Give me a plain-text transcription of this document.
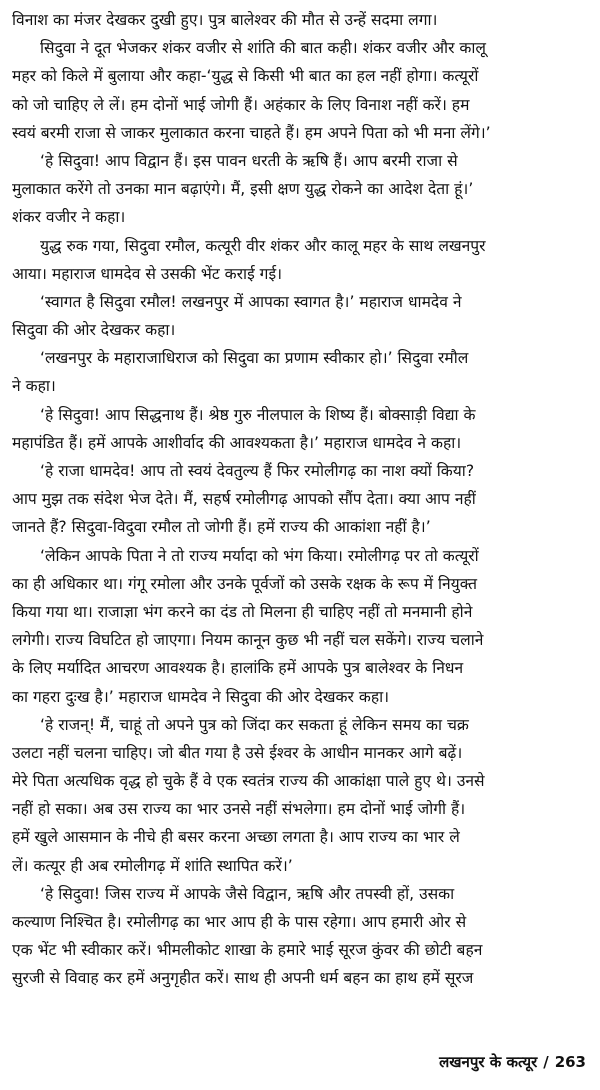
विनाश का मंजर देखकर दुखी हुए। पुत्र बालेश्वर की मौत से उन्हें सदमा लगा।
सिदुवा ने दूत भेजकर शंकर वजीर से शांति की बात कही। शंकर वजीर और कालू
महर को किले में बुलाया और कहा-‘युद्ध से किसी भी बात का हल नहीं होगा। कत्यूरों
को जो चाहिए ले लें। हम दोनों भाई जोगी हैं। अहंकार के लिए विनाश नहीं करें। हम
स्वयं बरमी राजा से जाकर मुलाकात करना चाहते हैं। हम अपने पिता को भी मना लेंगे।’
‘हे सिदुवा! आप विद्वान हैं। इस पावन धरती के ऋषि हैं। आप बरमी राजा से
मुलाकात करेंगे तो उनका मान बढ़ाएंगे। मैं, इसी क्षण युद्ध रोकने का आदेश देता हूं।’
शंकर वजीर ने कहा।
युद्ध रुक गया, सिदुवा रमौल, कत्यूरी वीर शंकर और कालू महर के साथ लखनपुर
आया। महाराज धामदेव से उसकी भेंट कराई गई।
‘स्वागत है सिदुवा रमौल! लखनपुर में आपका स्वागत है।’ महाराज धामदेव ने
सिदुवा की ओर देखकर कहा।
‘लखनपुर के महाराजाधिराज को सिदुवा का प्रणाम स्वीकार हो।’ सिदुवा रमौल
ने कहा।
‘हे सिदुवा! आप सिद्धनाथ हैं। श्रेष्ठ गुरु नीलपाल के शिष्य हैं। बोक्साड़ी विद्या के
महापंडित हैं। हमें आपके आशीर्वाद की आवश्यकता है।’ महाराज धामदेव ने कहा।
‘हे राजा धामदेव! आप तो स्वयं देवतुल्य हैं फिर रमोलीगढ़ का नाश क्यों किया?
आप मुझ तक संदेश भेज देते। मैं, सहर्ष रमोलीगढ़ आपको सौंप देता। क्या आप नहीं
जानते हैं? सिदुवा-विदुवा रमौल तो जोगी हैं। हमें राज्य की आकांशा नहीं है।’
‘लेकिन आपके पिता ने तो राज्य मर्यादा को भंग किया। रमोलीगढ़ पर तो कत्यूरों
का ही अधिकार था। गंगू रमोला और उनके पूर्वजों को उसके रक्षक के रूप में नियुक्त
किया गया था। राजाज्ञा भंग करने का दंड तो मिलना ही चाहिए नहीं तो मनमानी होने
लगेगी। राज्य विघटित हो जाएगा। नियम कानून कुछ भी नहीं चल सकेंगे। राज्य चलाने
के लिए मर्यादित आचरण आवश्यक है। हालांकि हमें आपके पुत्र बालेश्वर के निधन
का गहरा दुःख है।’ महाराज धामदेव ने सिदुवा की ओर देखकर कहा।
‘हे राजन्! मैं, चाहूं तो अपने पुत्र को जिंदा कर सकता हूं लेकिन समय का चक्र
उलटा नहीं चलना चाहिए। जो बीत गया है उसे ईश्वर के आधीन मानकर आगे बढ़ें।
मेरे पिता अत्यधिक वृद्ध हो चुके हैं वे एक स्वतंत्र राज्य की आकांक्षा पाले हुए थे। उनसे
नहीं हो सका। अब उस राज्य का भार उनसे नहीं संभलेगा। हम दोनों भाई जोगी हैं।
हमें खुले आसमान के नीचे ही बसर करना अच्छा लगता है। आप राज्य का भार ले
लें। कत्यूर ही अब रमोलीगढ़ में शांति स्थापित करें।’
‘हे सिदुवा! जिस राज्य में आपके जैसे विद्वान, ऋषि और तपस्वी हों, उसका
कल्याण निश्चित है। रमोलीगढ़ का भार आप ही के पास रहेगा। आप हमारी ओर से
एक भेंट भी स्वीकार करें। भीमलीकोट शाखा के हमारे भाई सूरज कुंवर की छोटी बहन
सुरजी से विवाह कर हमें अनुगृहीत करें। साथ ही अपनी धर्म बहन का हाथ हमें सूरज
लखनपुर के कत्यूर / 263
